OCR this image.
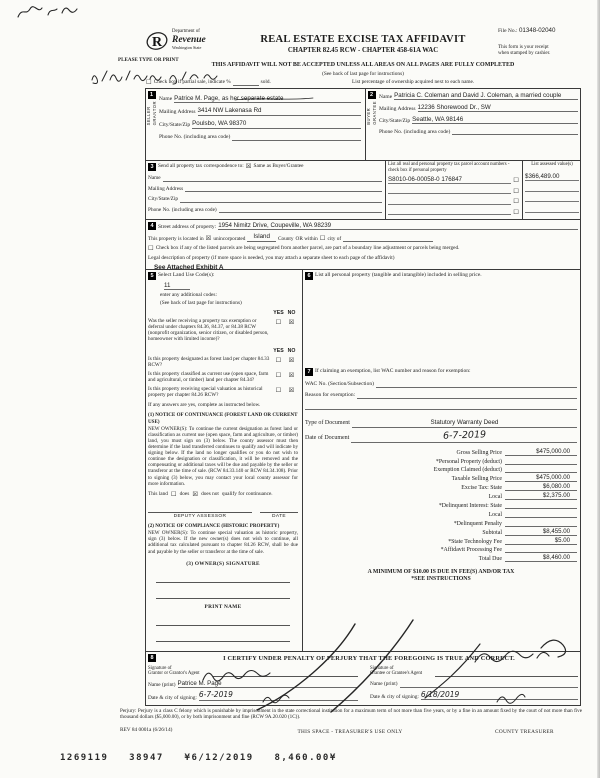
R
Department of
Revenue
Washington State
File No.: 01348-02040
This form is your receipt
when stamped by cashier.
REAL ESTATE EXCISE TAX AFFIDAVIT
CHAPTER 82.45 RCW - CHAPTER 458-61A WAC
PLEASE TYPE OR PRINT
THIS AFFIDAVIT WILL NOT BE ACCEPTED UNLESS ALL AREAS ON ALL PAGES ARE FULLY COMPLETED
(See back of last page for instructions)
☐ Check box if partial sale, indicate %	sold.	List percentage of ownership acquired next to each name.
1
SELLER GRANTOR
Name Patrice M. Page, as her separate estate
Mailing Address 3414 NW Lakenasa Rd
City/State/Zip Poulsbo, WA 98370
Phone No. (including area code)
2
BUYER GRANTEE
Name Patricia C. Coleman and David J. Coleman, a married couple
Mailing Address 12236 Shorewood Dr., SW
City/State/Zip Seattle, WA 98146
Phone No. (including area code)
3 Send all property tax correspondence to: ☒ Same as Buyer/Grantee
Name
Mailing Address
City/State/Zip
Phone No. (including area code)
List all real and personal property tax parcel account numbers - check box if personal property
S8010-06-00058-0 176847	☐
☐
☐
☐
List assessed value(s)
$366,489.00
4 Street address of property: 1954 Nimitz Drive, Coupeville, WA 98239
This property is located in ☒ unincorporated	Island	County OR within ☐ city of
☐ Check box if any of the listed parcels are being segregated from another parcel, are part of a boundary line adjustment or parcels being merged.
Legal description of property (if more space is needed, you may attach a separate sheet to each page of the affidavit)
See Attached Exhibit A
5 Select Land Use Code(s):
11
enter any additional codes:
(See back of last page for instructions)
YES NO
Was the seller receiving a property tax exemption or deferral under chapters 84.36, 84.37, or 84.38 RCW (nonprofit organization, senior citizen, or disabled person, homeowner with limited income)?
☐	☒
YES NO
Is this property designated as forest land per chapter 84.33 RCW?
☐	☒
Is this property classified as current use (open space, farm and agricultural, or timber) land per chapter 84.34?
☐	☒
Is this property receiving special valuation as historical property per chapter 84.26 RCW?
☐	☒
If any answers are yes, complete as instructed below.
(1) NOTICE OF CONTINUANCE (FOREST LAND OR CURRENT USE)
NEW OWNER(S): To continue the current designation as forest land or classification as current use (open space, farm and agriculture, or timber) land, you must sign on (3) below. The county assessor must then determine if the land transferred continues to qualify and will indicate by signing below. If the land no longer qualifies or you do not wish to continue the designation or classification, it will be removed and the compensating or additional taxes will be due and payable by the seller or transferor at the time of sale. (RCW 84.33.140 or RCW 84.34.108). Prior to signing (3) below, you may contact your local county assessor for more information.
This land ☐ does ☒ does not qualify for continuance.
DEPUTY ASSESSOR	DATE
(2) NOTICE OF COMPLIANCE (HISTORIC PROPERTY)
NEW OWNER(S): To continue special valuation as historic property, sign (3) below. If the new owner(s) does not wish to continue, all additional tax calculated pursuant to chapter 84.26 RCW, shall be due and payable by the seller or transferor at the time of sale.
(3) OWNER(S) SIGNATURE
PRINT NAME
6 List all personal property (tangible and intangible) included in selling price.
7 If claiming an exemption, list WAC number and reason for exemption:
WAC No. (Section/Subsection)
Reason for exemption:
Type of Document	Statutory Warranty Deed
Date of Document	6-7-2019
Gross Selling Price	$475,000.00
*Personal Property (deduct)
Exemption Claimed (deduct)
Taxable Selling Price	$475,000.00
Excise Tax: State	$6,080.00
Local	$2,375.00
*Delinquent Interest: State
Local
*Delinquent Penalty
Subtotal	$8,455.00
*State Technology Fee	$5.00
*Affidavit Processing Fee
Total Due	$8,460.00
A MINIMUM OF $10.00 IS DUE IN FEE(S) AND/OR TAX
*SEE INSTRUCTIONS
8	I CERTIFY UNDER PENALTY OF PERJURY THAT THE FOREGOING IS TRUE AND CORRECT.
Signature of
Grantor or Grantor's Agent
Name (print) Patrice M. Page
Date & city of signing: 6-7-2019
Signature of
Grantee or Grantee's Agent
Name (print)
Date & city of signing: 6/18/2019
Perjury: Perjury is a class C felony which is punishable by imprisonment in the state correctional institution for a maximum term of not more than five years, or by a fine in an amount fixed by the court of not more than five thousand dollars ($5,000.00), or by both imprisonment and fine (RCW 9A.20.020 (1C)).
REV 84 0001a (6/26/14)	THIS SPACE - TREASURER'S USE ONLY	COUNTY TREASURER
1269119   38947   ¥6/12/2019   8,460.00¥
